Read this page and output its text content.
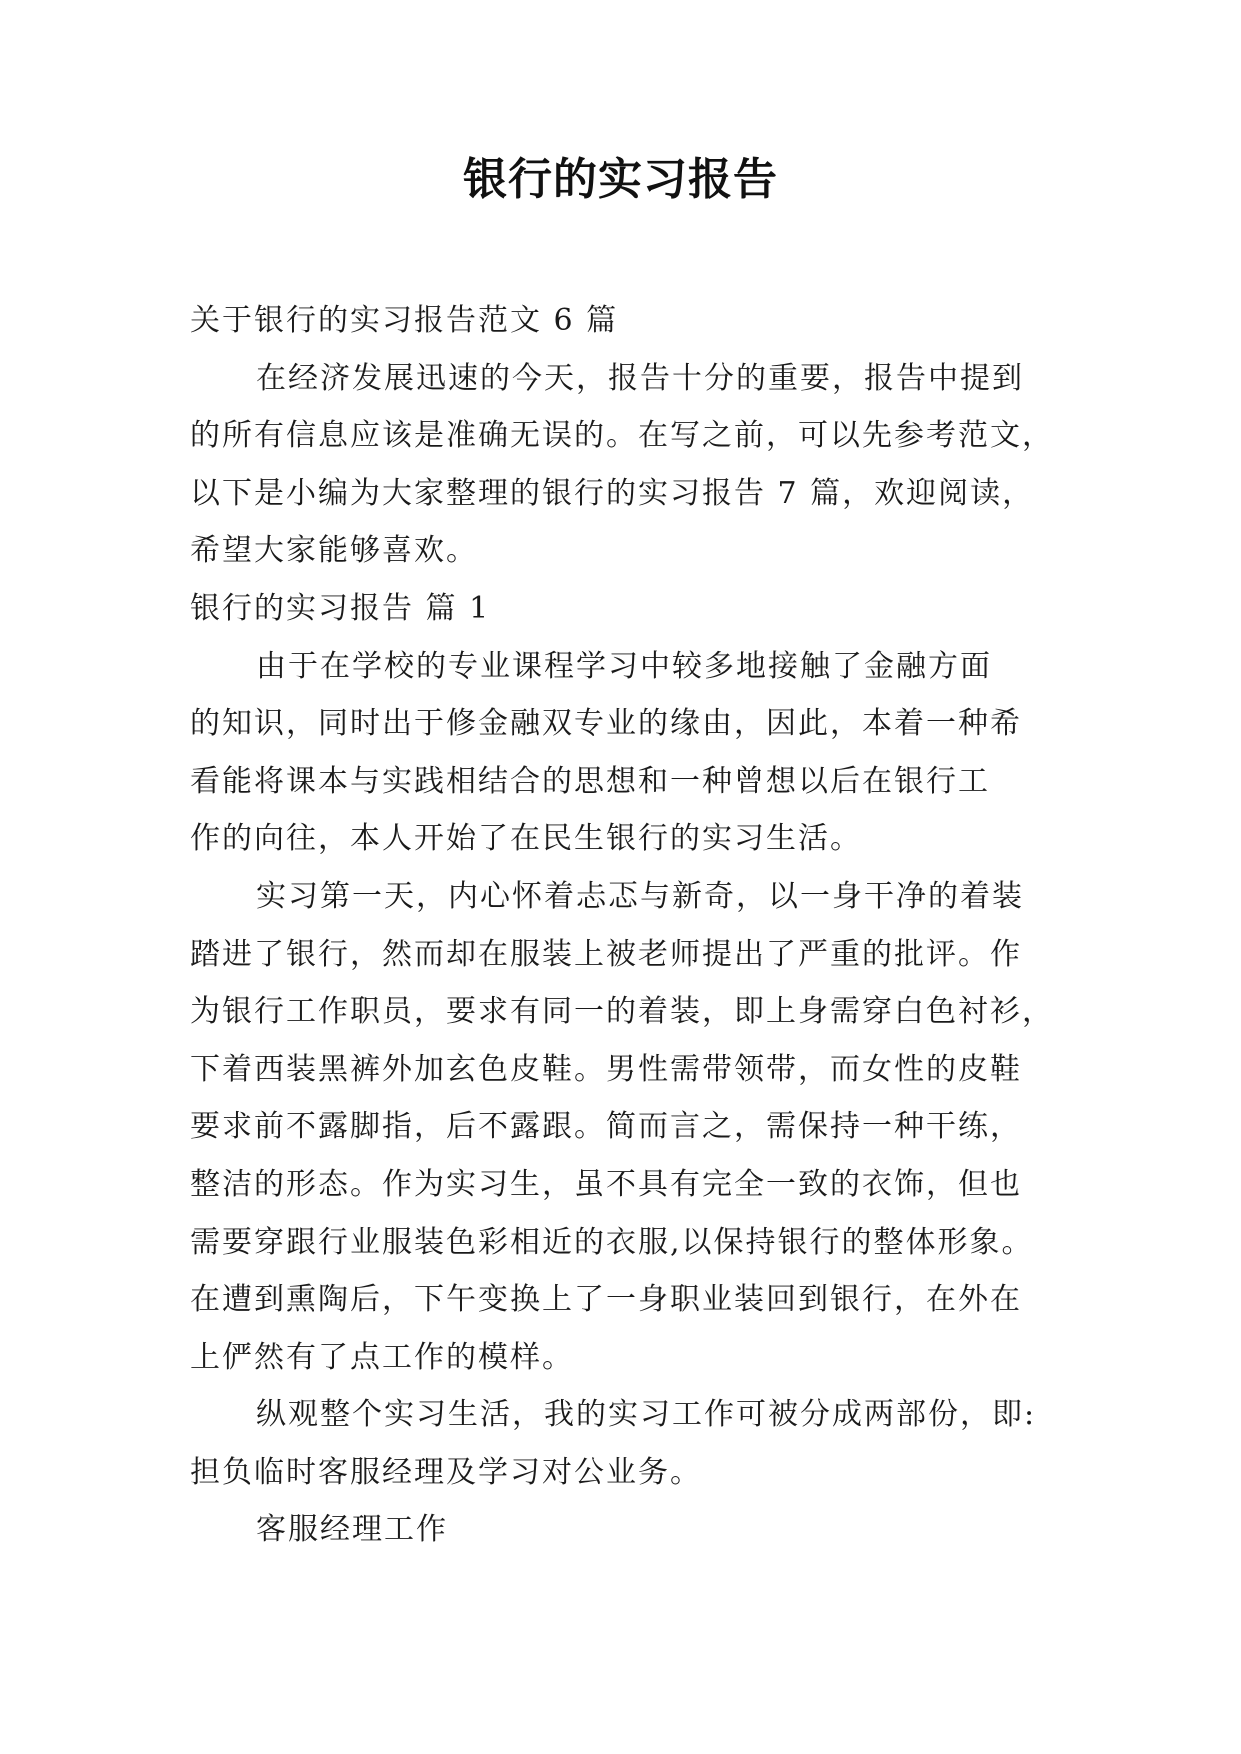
银行的实习报告
关于银行的实习报告范文 6 篇
在经济发展迅速的今天，报告十分的重要，报告中提到
的所有信息应该是准确无误的。在写之前，可以先参考范文，
以下是小编为大家整理的银行的实习报告 7 篇，欢迎阅读，
希望大家能够喜欢。
银行的实习报告 篇 1
由于在学校的专业课程学习中较多地接触了金融方面
的知识，同时出于修金融双专业的缘由，因此，本着一种希
看能将课本与实践相结合的思想和一种曾想以后在银行工
作的向往，本人开始了在民生银行的实习生活。
实习第一天，内心怀着忐忑与新奇，以一身干净的着装
踏进了银行，然而却在服装上被老师提出了严重的批评。作
为银行工作职员，要求有同一的着装，即上身需穿白色衬衫，
下着西装黑裤外加玄色皮鞋。男性需带领带，而女性的皮鞋
要求前不露脚指，后不露跟。简而言之，需保持一种干练，
整洁的形态。作为实习生，虽不具有完全一致的衣饰，但也
需要穿跟行业服装色彩相近的衣服,以保持银行的整体形象。
在遭到熏陶后，下午变换上了一身职业装回到银行，在外在
上俨然有了点工作的模样。
纵观整个实习生活，我的实习工作可被分成两部份，即:
担负临时客服经理及学习对公业务。
客服经理工作
